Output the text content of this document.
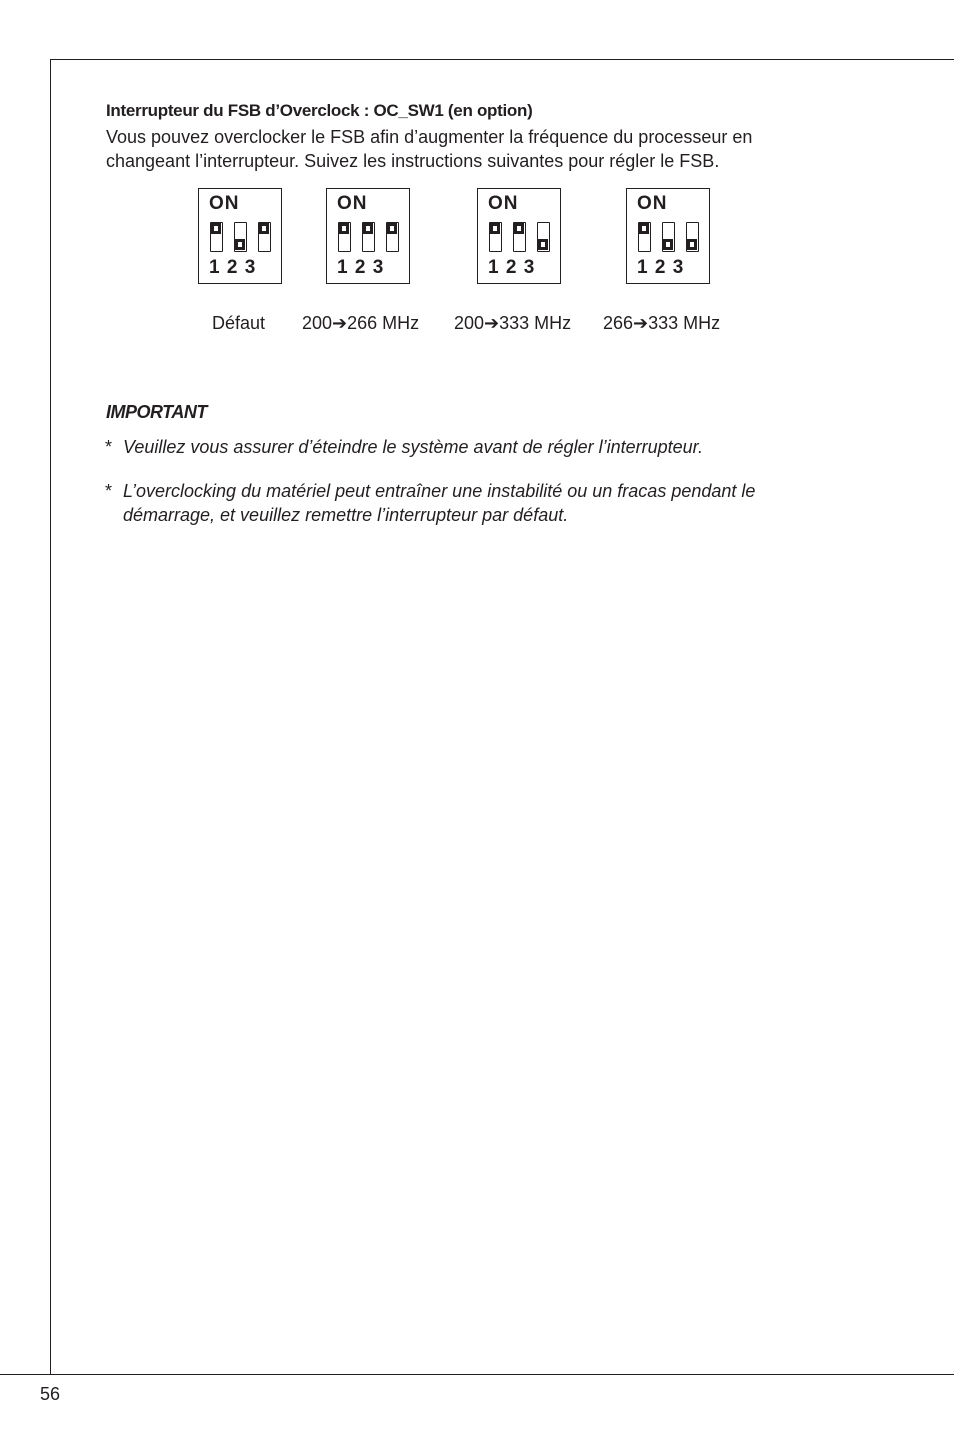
Interrupteur du FSB d’Overclock : OC_SW1 (en option)
Vous pouvez overclocker le FSB afin d’augmenter la fréquence du processeur en
changeant l’interrupteur. Suivez les instructions suivantes pour régler le FSB.
ON
1 2 3
ON
1 2 3
ON
1 2 3
ON
1 2 3
Défaut 200➔266 MHz 200➔333 MHz 266➔333 MHz
IMPORTANT
* Veuillez vous assurer d’éteindre le système avant de régler l’interrupteur.
* L’overclocking du matériel peut entraîner une instabilité ou un fracas pendant le
démarrage, et veuillez remettre l’interrupteur par défaut.
56
